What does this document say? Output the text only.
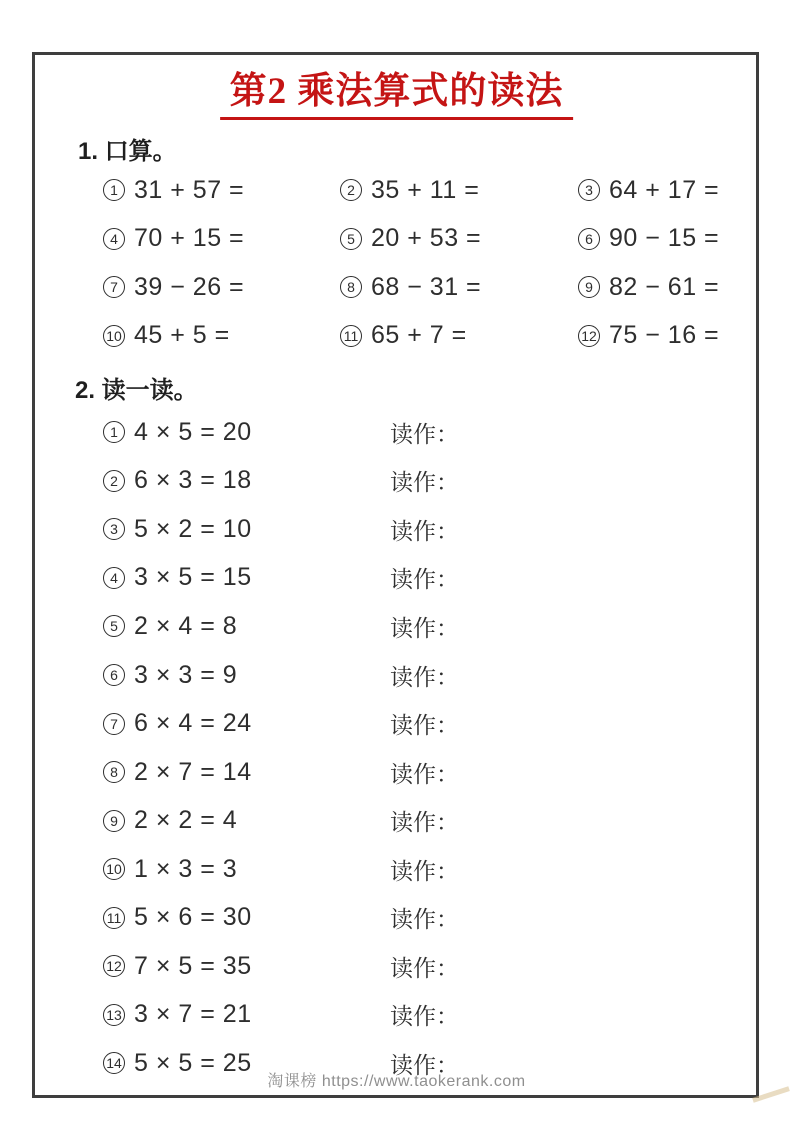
第2 乘法算式的读法
1. 口算。
1 31 + 57 =	2 35 + 11 =	3 64 + 17 =
4 70 + 15 =	5 20 + 53 =	6 90 − 15 =
7 39 − 26 =	8 68 − 31 =	9 82 − 61 =
10 45 + 5 =	11 65 + 7 =	12 75 − 16 =
2. 读一读。
1 4 × 5 = 20	读作：
2 6 × 3 = 18	读作：
3 5 × 2 = 10	读作：
4 3 × 5 = 15	读作：
5 2 × 4 = 8	读作：
6 3 × 3 = 9	读作：
7 6 × 4 = 24	读作：
8 2 × 7 = 14	读作：
9 2 × 2 = 4	读作：
10 1 × 3 = 3	读作：
11 5 × 6 = 30	读作：
12 7 × 5 = 35	读作：
13 3 × 7 = 21	读作：
14 5 × 5 = 25	读作：
淘课榜 https://www.taokerank.com
